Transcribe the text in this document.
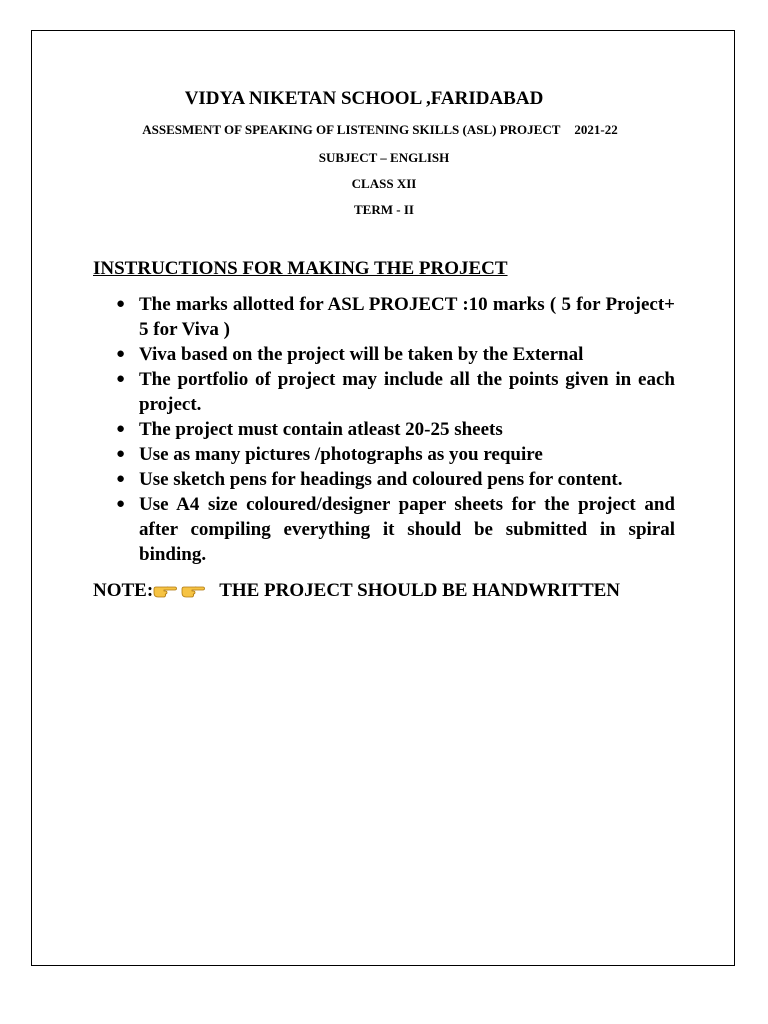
VIDYA NIKETAN SCHOOL ,FARIDABAD
ASSESMENT OF SPEAKING OF LISTENING SKILLS (ASL) PROJECT 2021-22
SUBJECT – ENGLISH
CLASS XII
TERM - II
INSTRUCTIONS FOR MAKING THE PROJECT
● The marks allotted for ASL PROJECT :10 marks ( 5 for Project+ 5 for Viva )
● Viva based on the project will be taken by the External
● The portfolio of project may include all the points given in each project.
● The project must contain atleast 20-25 sheets
● Use as many pictures /photographs as you require
● Use sketch pens for headings and coloured pens for content.
● Use A4 size coloured/designer paper sheets for the project and after compiling everything it should be submitted in spiral binding.
NOTE:	THE PROJECT SHOULD BE HANDWRITTEN
